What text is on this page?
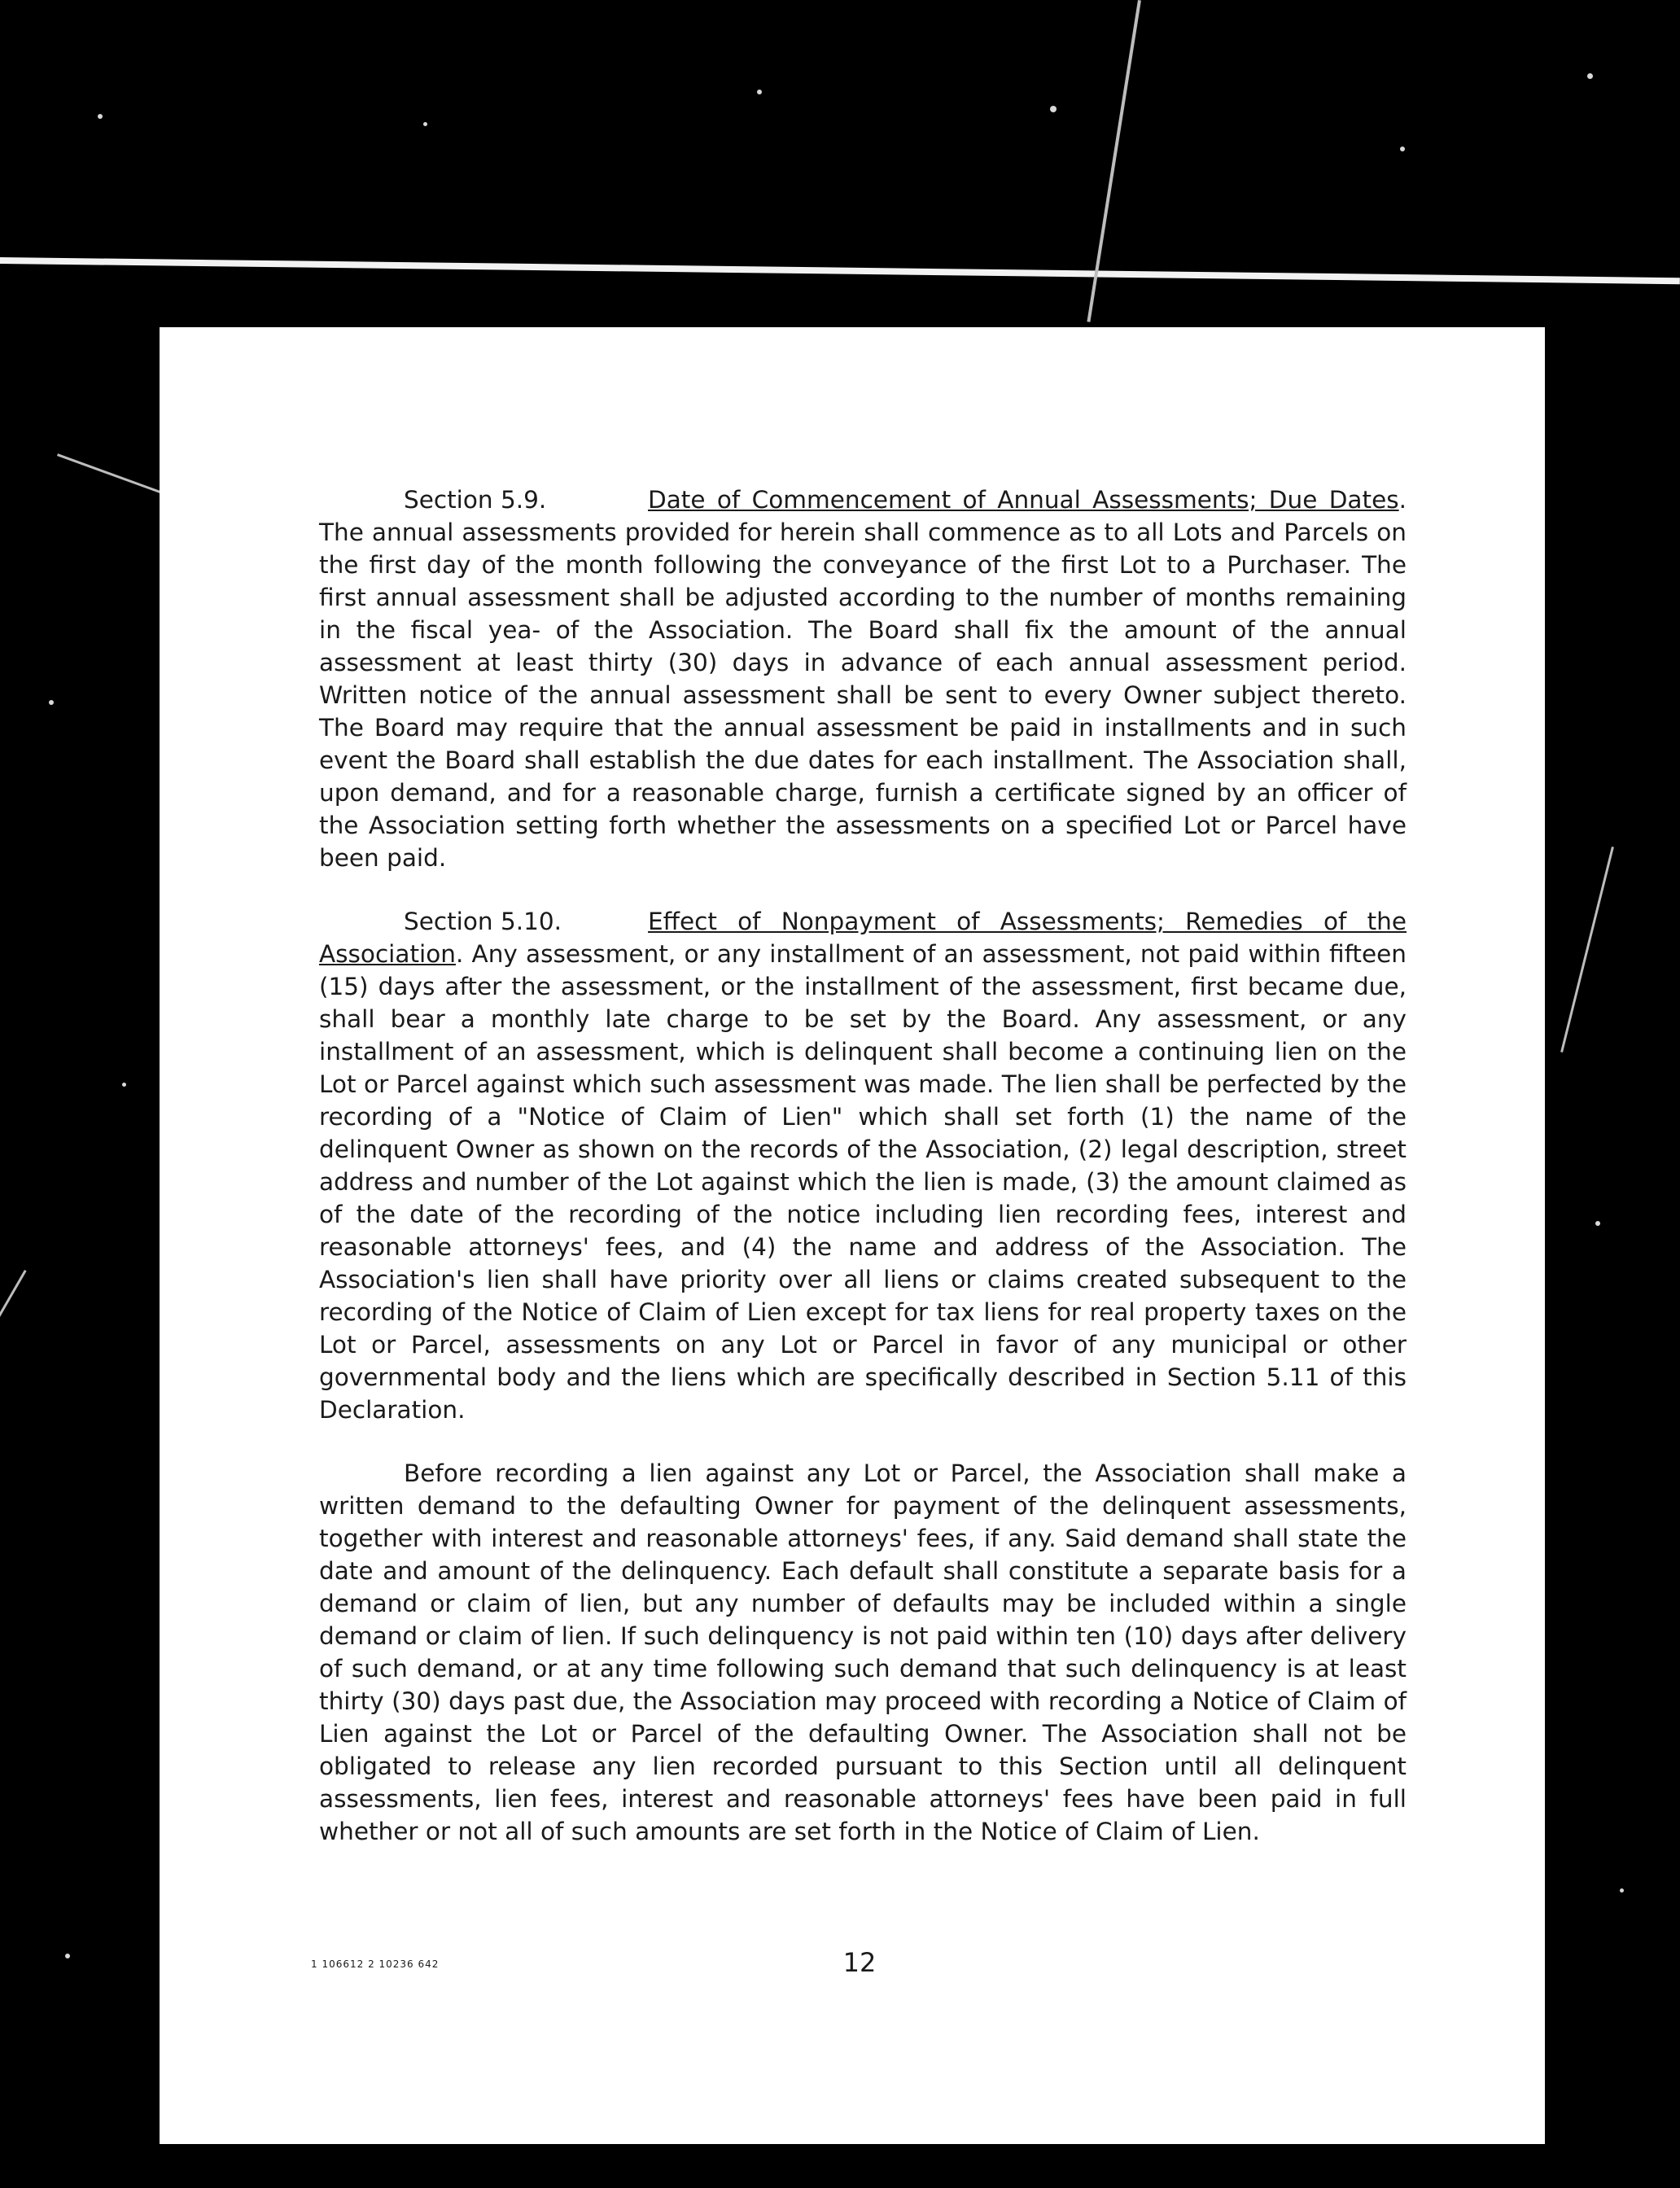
Section 5.9.	Date of Commencement of Annual Assessments; Due Dates. The annual assessments provided for herein shall commence as to all Lots and Parcels on the first day of the month following the conveyance of the first Lot to a Purchaser. The first annual assessment shall be adjusted according to the number of months remaining in the fiscal yea- of the Association. The Board shall fix the amount of the annual assessment at least thirty (30) days in advance of each annual assessment period. Written notice of the annual assessment shall be sent to every Owner subject thereto. The Board may require that the annual assessment be paid in installments and in such event the Board shall establish the due dates for each installment. The Association shall, upon demand, and for a reasonable charge, furnish a certificate signed by an officer of the Association setting forth whether the assessments on a specified Lot or Parcel have been paid.

Section 5.10.	Effect of Nonpayment of Assessments; Remedies of the Association. Any assessment, or any installment of an assessment, not paid within fifteen (15) days after the assessment, or the installment of the assessment, first became due, shall bear a monthly late charge to be set by the Board. Any assessment, or any installment of an assessment, which is delinquent shall become a continuing lien on the Lot or Parcel against which such assessment was made. The lien shall be perfected by the recording of a "Notice of Claim of Lien" which shall set forth (1) the name of the delinquent Owner as shown on the records of the Association, (2) legal description, street address and number of the Lot against which the lien is made, (3) the amount claimed as of the date of the recording of the notice including lien recording fees, interest and reasonable attorneys' fees, and (4) the name and address of the Association. The Association's lien shall have priority over all liens or claims created subsequent to the recording of the Notice of Claim of Lien except for tax liens for real property taxes on the Lot or Parcel, assessments on any Lot or Parcel in favor of any municipal or other governmental body and the liens which are specifically described in Section 5.11 of this Declaration.

Before recording a lien against any Lot or Parcel, the Association shall make a written demand to the defaulting Owner for payment of the delinquent assessments, together with interest and reasonable attorneys' fees, if any. Said demand shall state the date and amount of the delinquency. Each default shall constitute a separate basis for a demand or claim of lien, but any number of defaults may be included within a single demand or claim of lien. If such delinquency is not paid within ten (10) days after delivery of such demand, or at any time following such demand that such delinquency is at least thirty (30) days past due, the Association may proceed with recording a Notice of Claim of Lien against the Lot or Parcel of the defaulting Owner. The Association shall not be obligated to release any lien recorded pursuant to this Section until all delinquent assessments, lien fees, interest and reasonable attorneys' fees have been paid in full whether or not all of such amounts are set forth in the Notice of Claim of Lien.

1 106612 2 10236 642	12
